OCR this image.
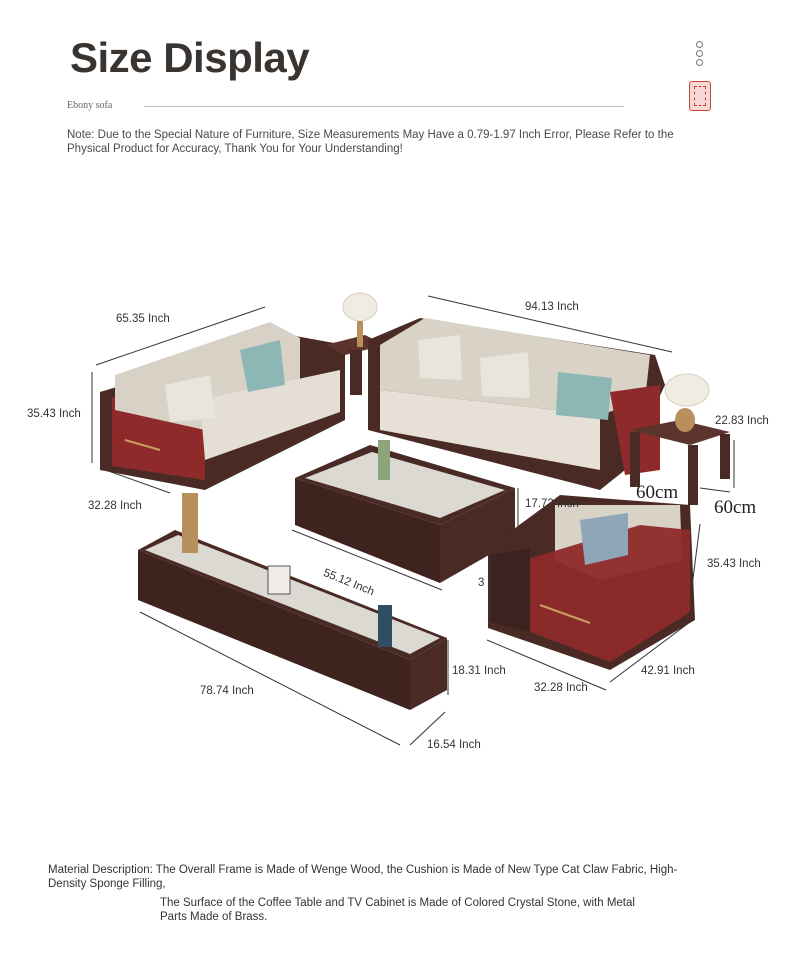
Size Display
Ebony sofa
Note: Due to the Special Nature of Furniture, Size Measurements May Have a 0.79-1.97 Inch Error, Please Refer to the Physical Product for Accuracy, Thank You for Your Understanding!
65.35 Inch
35.43 Inch
32.28 Inch
94.13 Inch
22.83 Inch
60cm
60cm
17.72 Inch
55.12 Inch	3
35.43 Inch
42.91 Inch
32.28 Inch
18.31 Inch
78.74 Inch
16.54 Inch
Material Description: The Overall Frame is Made of Wenge Wood, the Cushion is Made of New Type Cat Claw Fabric, High-Density Sponge Filling,
The Surface of the Coffee Table and TV Cabinet is Made of Colored Crystal Stone, with Metal Parts Made of Brass.
